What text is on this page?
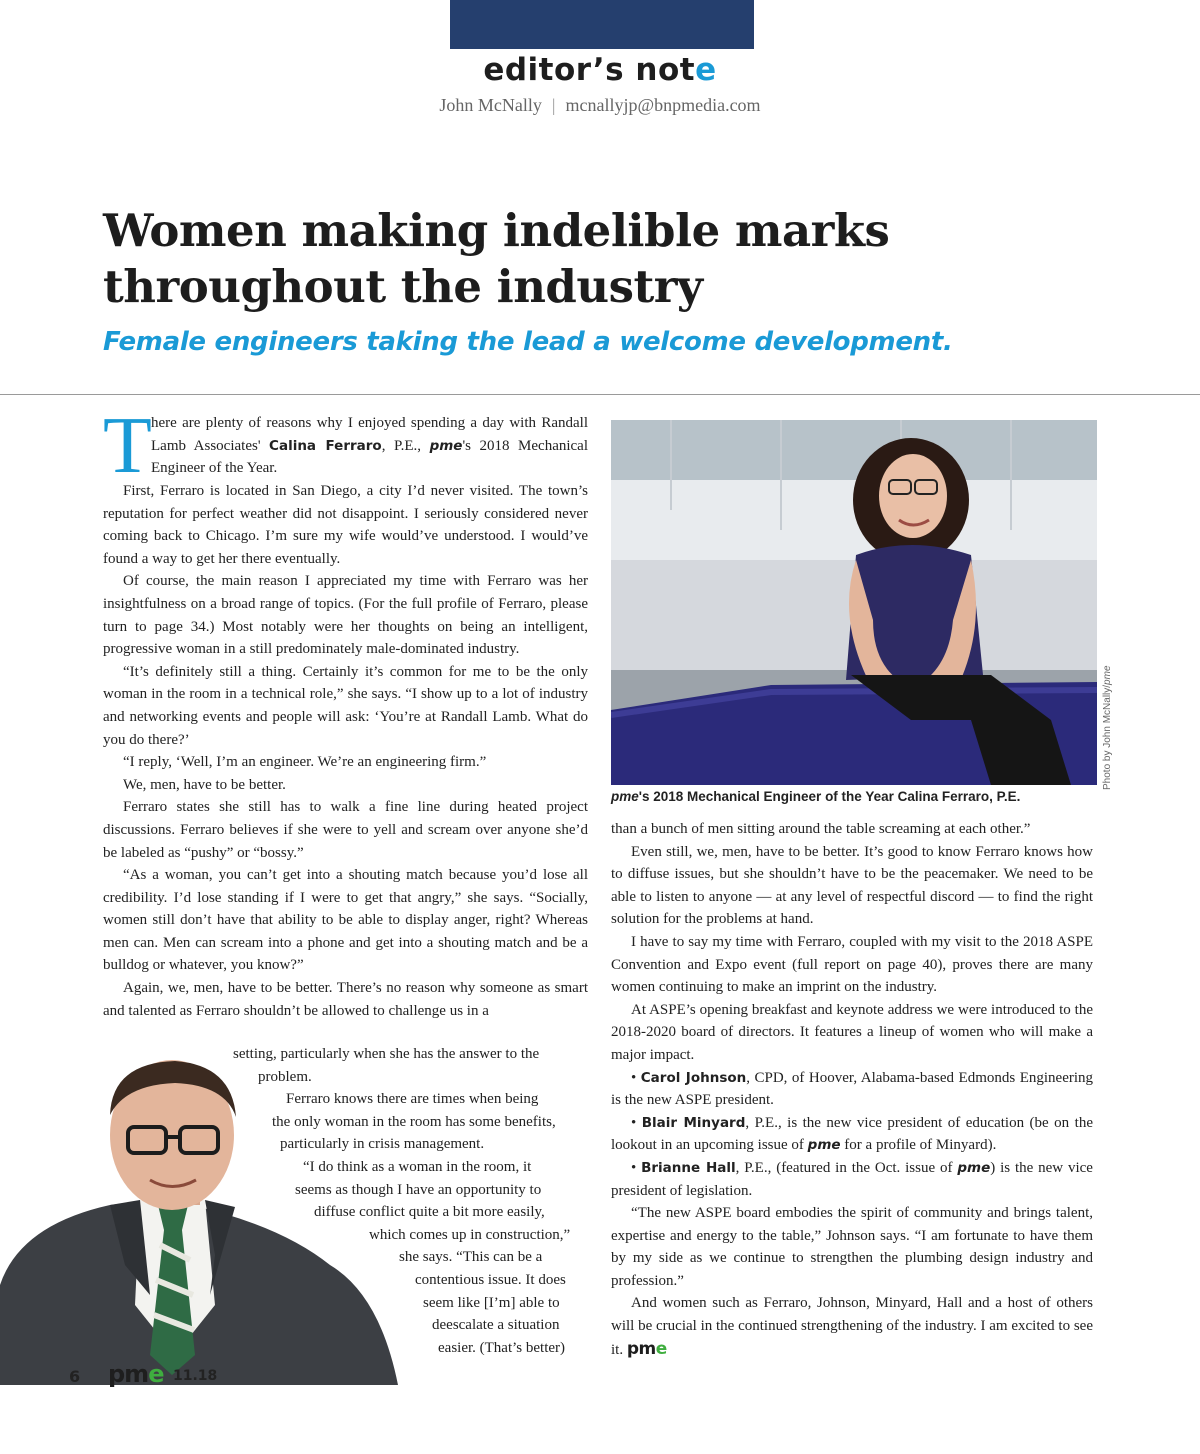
editor’s note
John McNally | mcnallyjp@bnpmedia.com
Women making indelible marks
throughout the industry
Female engineers taking the lead a welcome development.
T here are plenty of reasons why I enjoyed spending a day with Randall Lamb Associates' Calina Ferraro, P.E., pme's 2018 Mechanical Engineer of the Year.

First, Ferraro is located in San Diego, a city I’d never visited. The town’s reputation for perfect weather did not disappoint. I seriously considered never coming back to Chicago. I’m sure my wife would’ve understood. I would’ve found a way to get her there eventually.

Of course, the main reason I appreciated my time with Ferraro was her insightfulness on a broad range of topics. (For the full profile of Ferraro, please turn to page 34.) Most notably were her thoughts on being an intelligent, progressive woman in a still predominately male-dominated industry.

“It’s definitely still a thing. Certainly it’s common for me to be the only woman in the room in a technical role,” she says. “I show up to a lot of industry and networking events and people will ask: ‘You’re at Randall Lamb. What do you do there?’

“I reply, ‘Well, I’m an engineer. We’re an engineering firm.”

We, men, have to be better.

Ferraro states she still has to walk a fine line during heated project discussions. Ferraro believes if she were to yell and scream over anyone she’d be labeled as “pushy” or “bossy.”

“As a woman, you can’t get into a shouting match because you’d lose all credibility. I’d lose standing if I were to get that angry,” she says. “Socially, women still don’t have that ability to be able to display anger, right? Whereas men can. Men can scream into a phone and get into a shouting match and be a bulldog or whatever, you know?”

Again, we, men, have to be better. There’s no reason why someone as smart and talented as Ferraro shouldn’t be allowed to challenge us in a

setting, particularly when she has the answer to the
problem.
Ferraro knows there are times when being
the only woman in the room has some benefits,
particularly in crisis management.
“I do think as a woman in the room, it
seems as though I have an opportunity to
diffuse conflict quite a bit more easily,
which comes up in construction,”
she says. “This can be a
contentious issue. It does
seem like [I’m] able to
deescalate a situation
easier. (That’s better)
Photo by John McNally/pme
pme's 2018 Mechanical Engineer of the Year Calina Ferraro, P.E.

than a bunch of men sitting around the table screaming at each other.”

Even still, we, men, have to be better. It’s good to know Ferraro knows how to diffuse issues, but she shouldn’t have to be the peacemaker. We need to be able to listen to anyone — at any level of respectful discord — to find the right solution for the problems at hand.

I have to say my time with Ferraro, coupled with my visit to the 2018 ASPE Convention and Expo event (full report on page 40), proves there are many women continuing to make an imprint on the industry.

At ASPE’s opening breakfast and keynote address we were introduced to the 2018-2020 board of directors. It features a lineup of women who will make a major impact.

• Carol Johnson, CPD, of Hoover, Alabama-based Edmonds Engineering is the new ASPE president.

• Blair Minyard, P.E., is the new vice president of education (be on the lookout in an upcoming issue of pme for a profile of Minyard).

• Brianne Hall, P.E., (featured in the Oct. issue of pme) is the new vice president of legislation.

“The new ASPE board embodies the spirit of community and brings talent, expertise and energy to the table,” Johnson says. “I am fortunate to have them by my side as we continue to strengthen the plumbing design industry and profession.”

And women such as Ferraro, Johnson, Minyard, Hall and a host of others will be crucial in the continued strengthening of the industry. I am excited to see it. pme

6 pme 11.18
